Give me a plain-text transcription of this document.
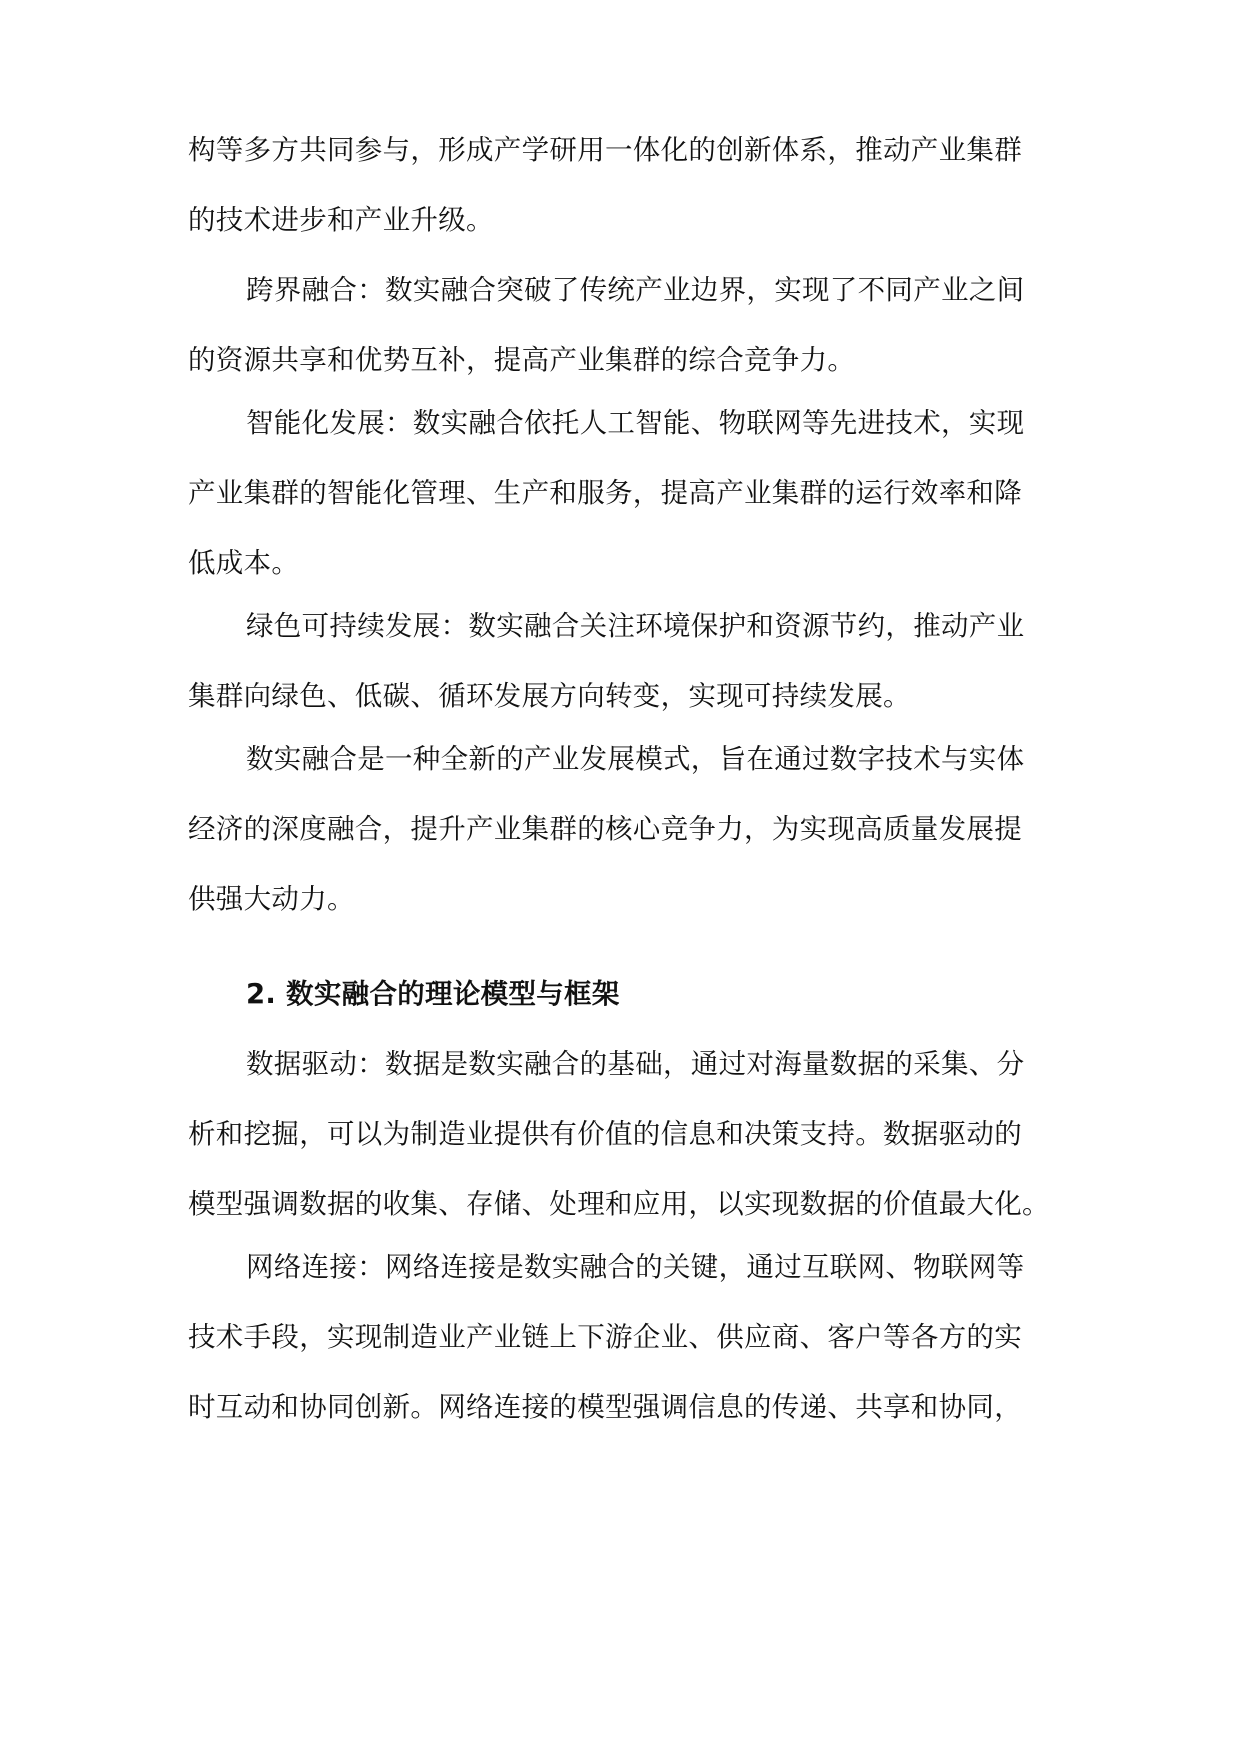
构等多方共同参与，形成产学研用一体化的创新体系，推动产业集群

的技术进步和产业升级。

跨界融合：数实融合突破了传统产业边界，实现了不同产业之间

的资源共享和优势互补，提高产业集群的综合竞争力。

智能化发展：数实融合依托人工智能、物联网等先进技术，实现

产业集群的智能化管理、生产和服务，提高产业集群的运行效率和降

低成本。

绿色可持续发展：数实融合关注环境保护和资源节约，推动产业

集群向绿色、低碳、循环发展方向转变，实现可持续发展。

数实融合是一种全新的产业发展模式，旨在通过数字技术与实体

经济的深度融合，提升产业集群的核心竞争力，为实现高质量发展提

供强大动力。

2. 数实融合的理论模型与框架

数据驱动：数据是数实融合的基础，通过对海量数据的采集、分

析和挖掘，可以为制造业提供有价值的信息和决策支持。数据驱动的

模型强调数据的收集、存储、处理和应用，以实现数据的价值最大化。

网络连接：网络连接是数实融合的关键，通过互联网、物联网等

技术手段，实现制造业产业链上下游企业、供应商、客户等各方的实

时互动和协同创新。网络连接的模型强调信息的传递、共享和协同，
